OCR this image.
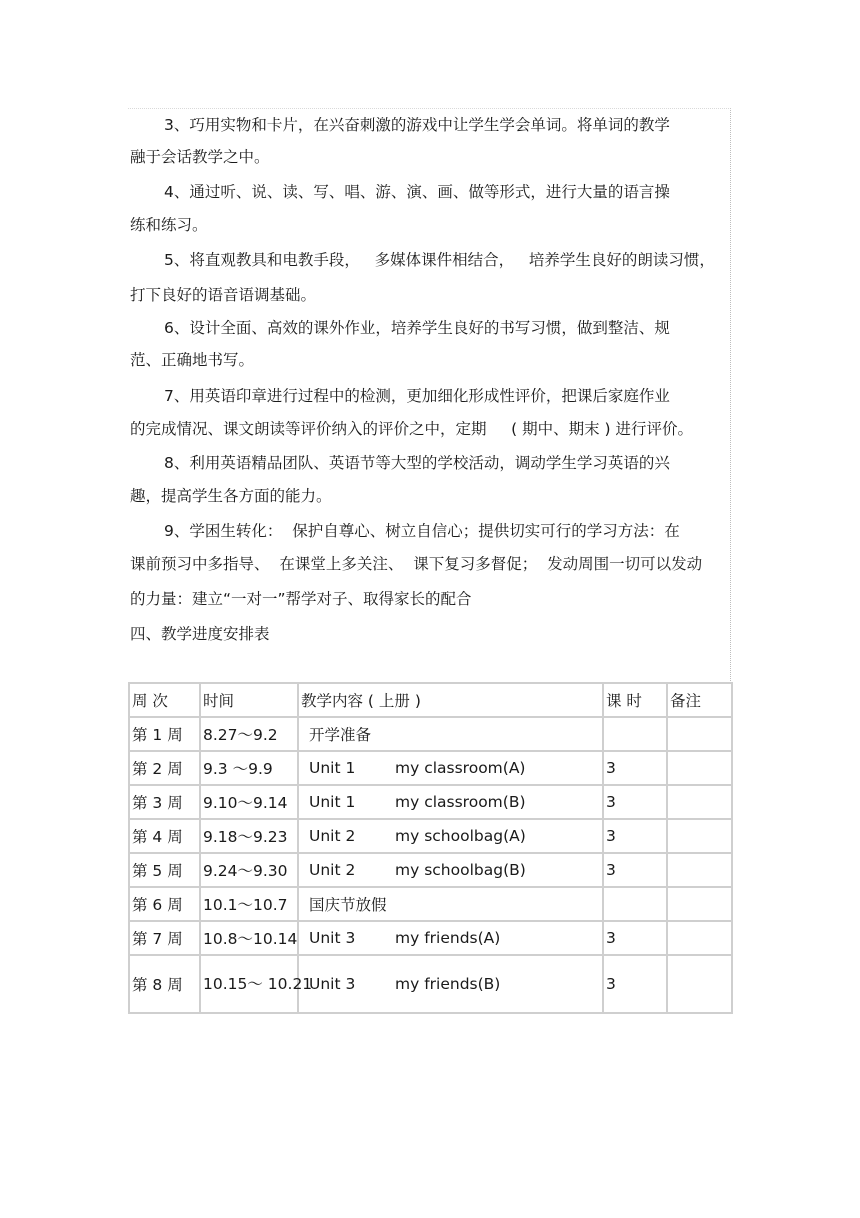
3、巧用实物和卡片，在兴奋刺激的游戏中让学生学会单词。将单词的教学
融于会话教学之中。
4、通过听、说、读、写、唱、游、演、画、做等形式，进行大量的语言操
练和练习。
5、将直观教具和电教手段，   多媒体课件相结合，   培养学生良好的朗读习惯，
打下良好的语音语调基础。
6、设计全面、高效的课外作业，培养学生良好的书写习惯，做到整洁、规
范、正确地书写。
7、用英语印章进行过程中的检测，更加细化形成性评价，把课后家庭作业
的完成情况、课文朗读等评价纳入的评价之中，定期     ( 期中、期末 ) 进行评价。
8、利用英语精品团队、英语节等大型的学校活动，调动学生学习英语的兴
趣，提高学生各方面的能力。
9、学困生转化：  保护自尊心、树立自信心；提供切实可行的学习方法：在
课前预习中多指导、  在课堂上多关注、  课下复习多督促；  发动周围一切可以发动
的力量：建立“一对一”帮学对子、取得家长的配合
四、教学进度安排表
周 次	时间	教学内容 ( 上册 )	课 时	备注
第 1 周	8.27～9.2	开学准备		
第 2 周	9.3 ～9.9	Unit 1 my classroom(A)	3	
第 3 周	9.10～9.14	Unit 1 my classroom(B)	3	
第 4 周	9.18～9.23	Unit 2 my schoolbag(A)	3	
第 5 周	9.24～9.30	Unit 2 my schoolbag(B)	3	
第 6 周	10.1～10.7	国庆节放假		
第 7 周	10.8～10.14	Unit 3 my friends(A)	3	
第 8 周	10.15～ 10.21	Unit 3 my friends(B)	3	
